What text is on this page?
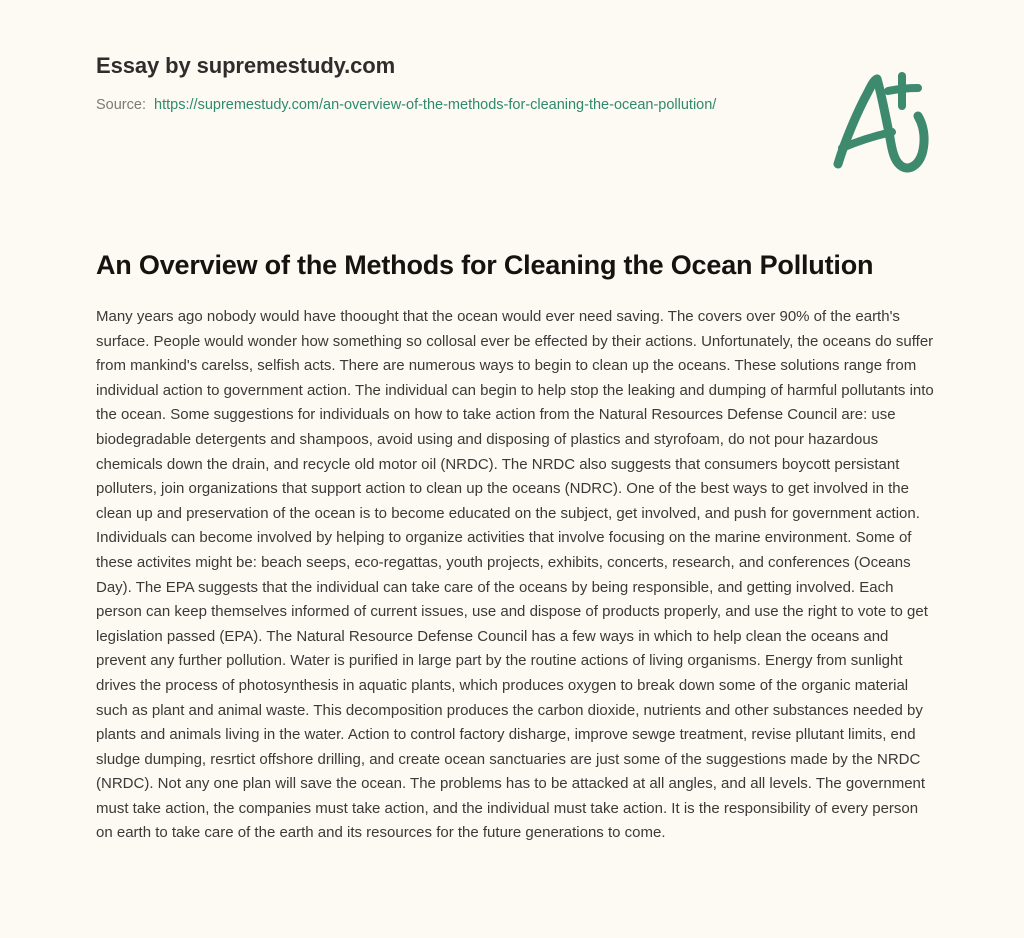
Essay by supremestudy.com
Source: https://supremestudy.com/an-overview-of-the-methods-for-cleaning-the-ocean-pollution/
An Overview of the Methods for Cleaning the Ocean Pollution

Many years ago nobody would have thoought that the ocean would ever need saving. The covers over 90% of the earth's surface. People would wonder how something so collosal ever be effected by their actions. Unfortunately, the oceans do suffer from mankind's carelss, selfish acts. There are numerous ways to begin to clean up the oceans. These solutions range from individual action to government action. The individual can begin to help stop the leaking and dumping of harmful pollutants into the ocean. Some suggestions for individuals on how to take action from the Natural Resources Defense Council are: use biodegradable detergents and shampoos, avoid using and disposing of plastics and styrofoam, do not pour hazardous chemicals down the drain, and recycle old motor oil (NRDC). The NRDC also suggests that consumers boycott persistant polluters, join organizations that support action to clean up the oceans (NDRC). One of the best ways to get involved in the clean up and preservation of the ocean is to become educated on the subject, get involved, and push for government action. Individuals can become involved by helping to organize activities that involve focusing on the marine environment. Some of these activites might be: beach seeps, eco-regattas, youth projects, exhibits, concerts, research, and conferences (Oceans Day). The EPA suggests that the individual can take care of the oceans by being responsible, and getting involved. Each person can keep themselves informed of current issues, use and dispose of products properly, and use the right to vote to get legislation passed (EPA). The Natural Resource Defense Council has a few ways in which to help clean the oceans and prevent any further pollution. Water is purified in large part by the routine actions of living organisms. Energy from sunlight drives the process of photosynthesis in aquatic plants, which produces oxygen to break down some of the organic material such as plant and animal waste. This decomposition produces the carbon dioxide, nutrients and other substances needed by plants and animals living in the water. Action to control factory disharge, improve sewge treatment, revise pllutant limits, end sludge dumping, resrtict offshore drilling, and create ocean sanctuaries are just some of the suggestions made by the NRDC (NRDC). Not any one plan will save the ocean. The problems has to be attacked at all angles, and all levels. The government must take action, the companies must take action, and the individual must take action. It is the responsibility of every person on earth to take care of the earth and its resources for the future generations to come.
